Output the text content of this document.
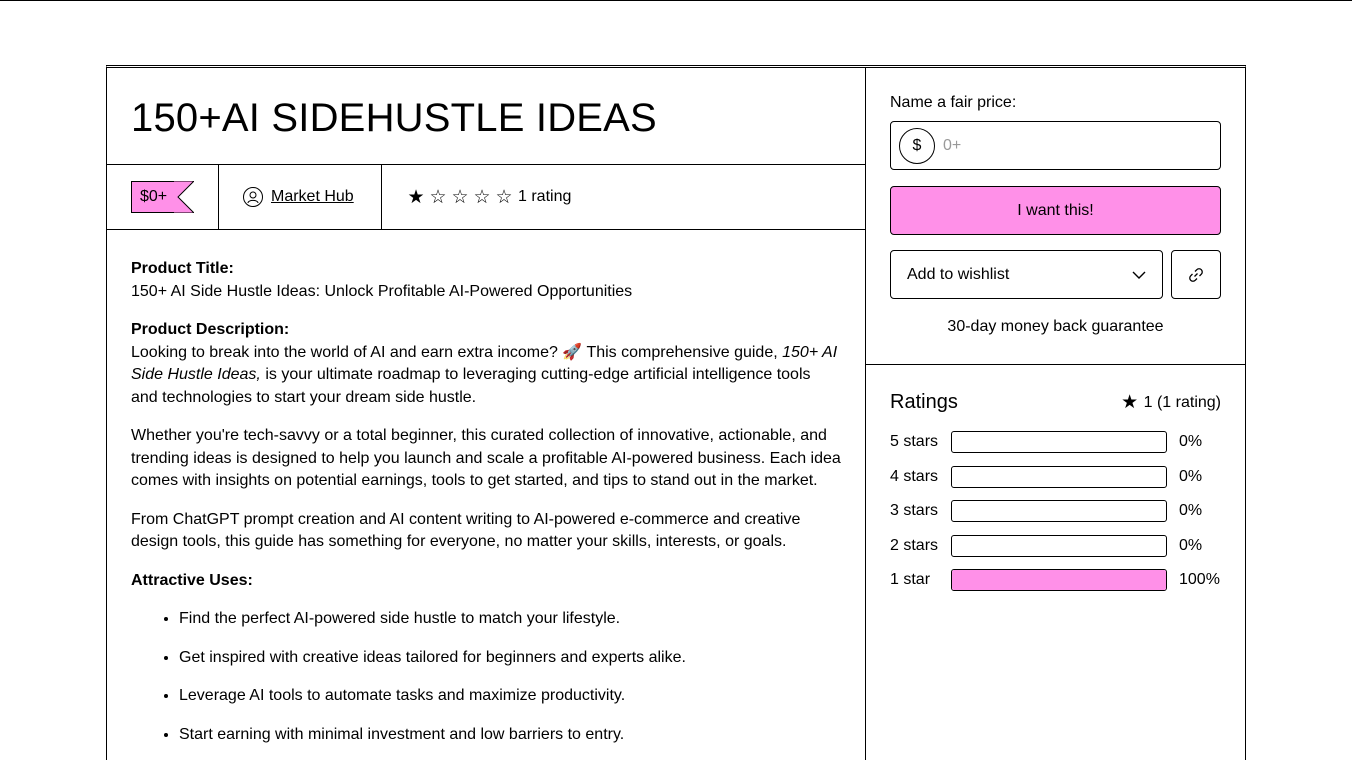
150+AI SIDEHUSTLE IDEAS
$0+	Market Hub	★ ☆ ☆ ☆ ☆ 1 rating

Product Title:
150+ AI Side Hustle Ideas: Unlock Profitable AI-Powered Opportunities

Product Description:
Looking to break into the world of AI and earn extra income? 🚀 This comprehensive guide, 150+ AI Side Hustle Ideas, is your ultimate roadmap to leveraging cutting-edge artificial intelligence tools and technologies to start your dream side hustle.

Whether you're tech-savvy or a total beginner, this curated collection of innovative, actionable, and trending ideas is designed to help you launch and scale a profitable AI-powered business. Each idea comes with insights on potential earnings, tools to get started, and tips to stand out in the market.

From ChatGPT prompt creation and AI content writing to AI-powered e-commerce and creative design tools, this guide has something for everyone, no matter your skills, interests, or goals.

Attractive Uses:

• Find the perfect AI-powered side hustle to match your lifestyle.
• Get inspired with creative ideas tailored for beginners and experts alike.
• Leverage AI tools to automate tasks and maximize productivity.
• Start earning with minimal investment and low barriers to entry.
Name a fair price:
$
0+
I want this!
Add to wishlist
30-day money back guarantee
Ratings	★ 1 (1 rating)
5 stars	0%
4 stars	0%
3 stars	0%
2 stars	0%
1 star	100%
